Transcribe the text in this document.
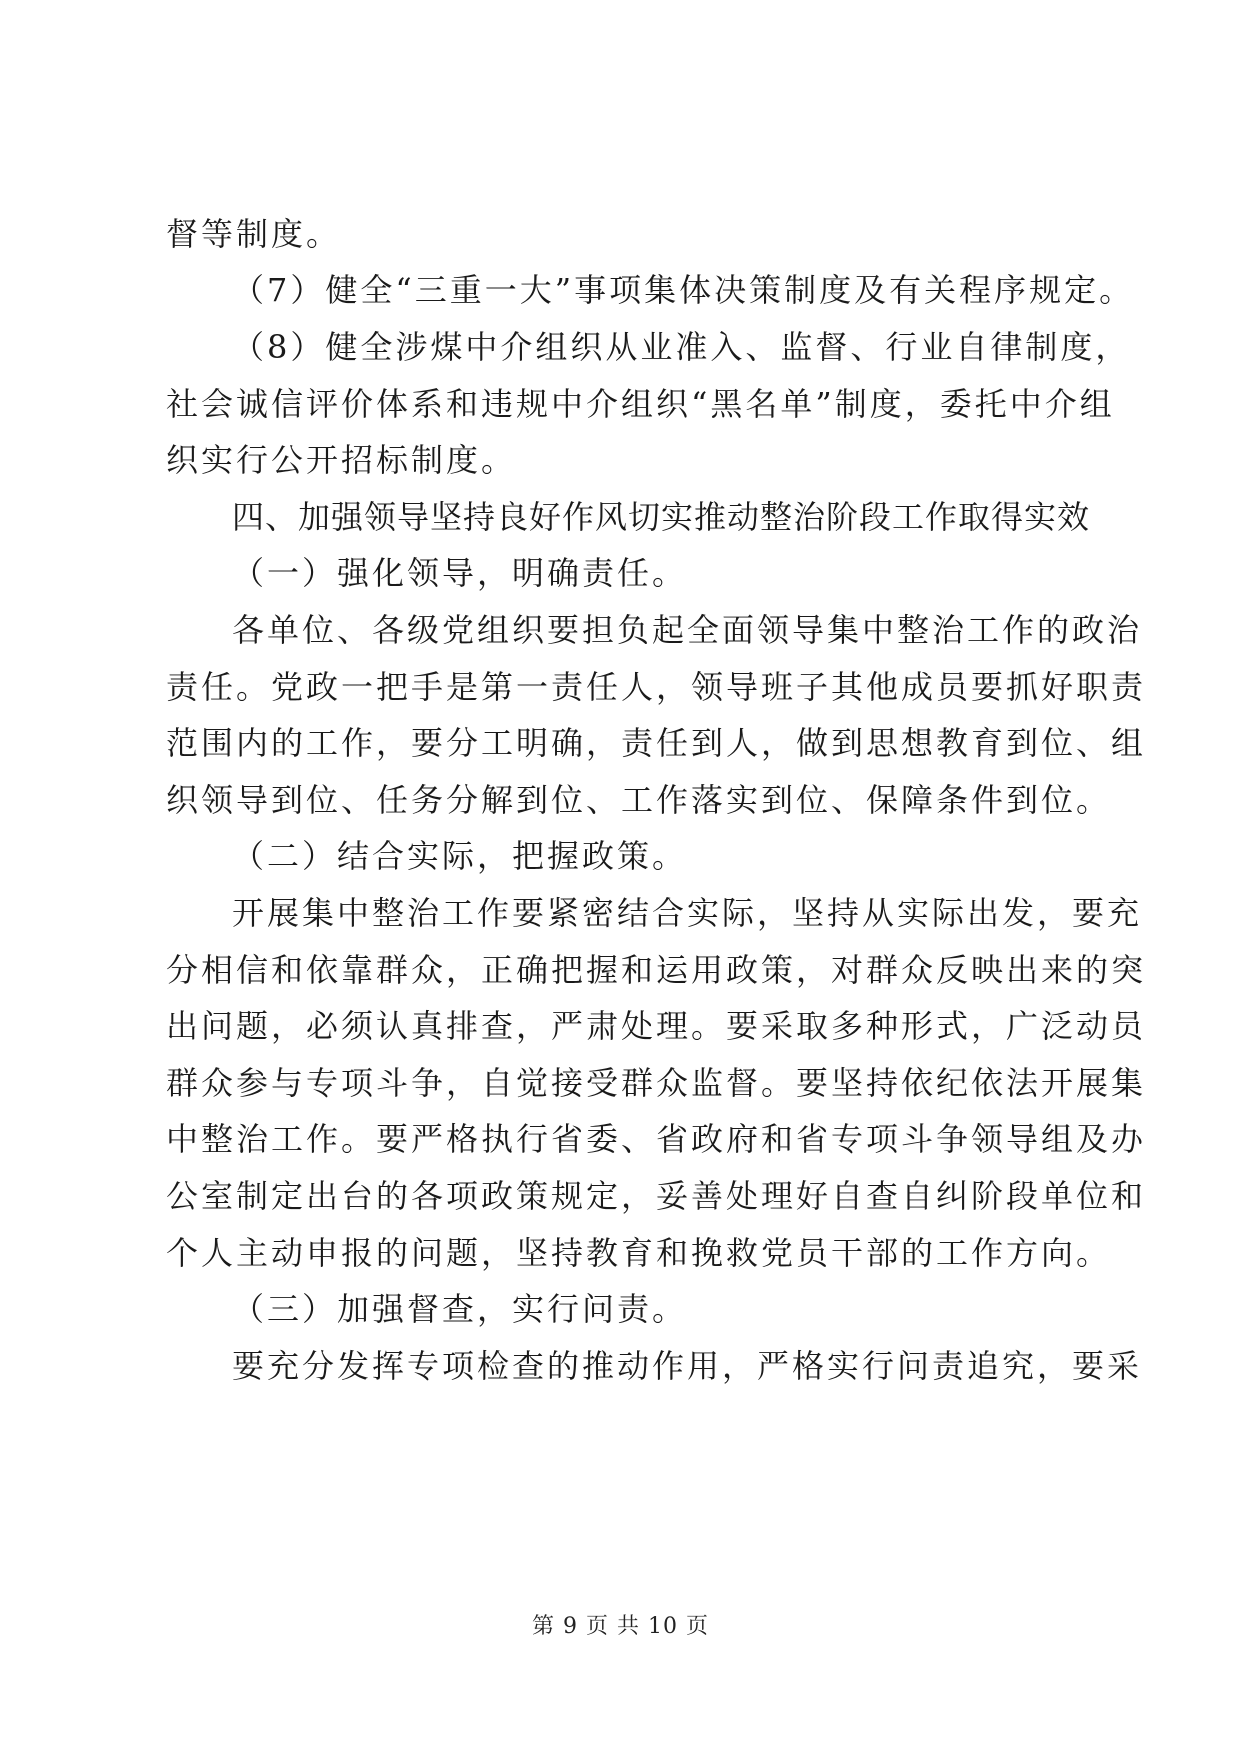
督等制度。
（7）健全“三重一大”事项集体决策制度及有关程序规定。
（8）健全涉煤中介组织从业准入、监督、行业自律制度，
社会诚信评价体系和违规中介组织“黑名单”制度，委托中介组
织实行公开招标制度。
四、加强领导坚持良好作风切实推动整治阶段工作取得实效
（一）强化领导，明确责任。
各单位、各级党组织要担负起全面领导集中整治工作的政治
责任。党政一把手是第一责任人，领导班子其他成员要抓好职责
范围内的工作，要分工明确，责任到人，做到思想教育到位、组
织领导到位、任务分解到位、工作落实到位、保障条件到位。
（二）结合实际，把握政策。
开展集中整治工作要紧密结合实际，坚持从实际出发，要充
分相信和依靠群众，正确把握和运用政策，对群众反映出来的突
出问题，必须认真排查，严肃处理。要采取多种形式，广泛动员
群众参与专项斗争，自觉接受群众监督。要坚持依纪依法开展集
中整治工作。要严格执行省委、省政府和省专项斗争领导组及办
公室制定出台的各项政策规定，妥善处理好自查自纠阶段单位和
个人主动申报的问题，坚持教育和挽救党员干部的工作方向。
（三）加强督查，实行问责。
要充分发挥专项检查的推动作用，严格实行问责追究，要采
第 9 页 共 10 页
